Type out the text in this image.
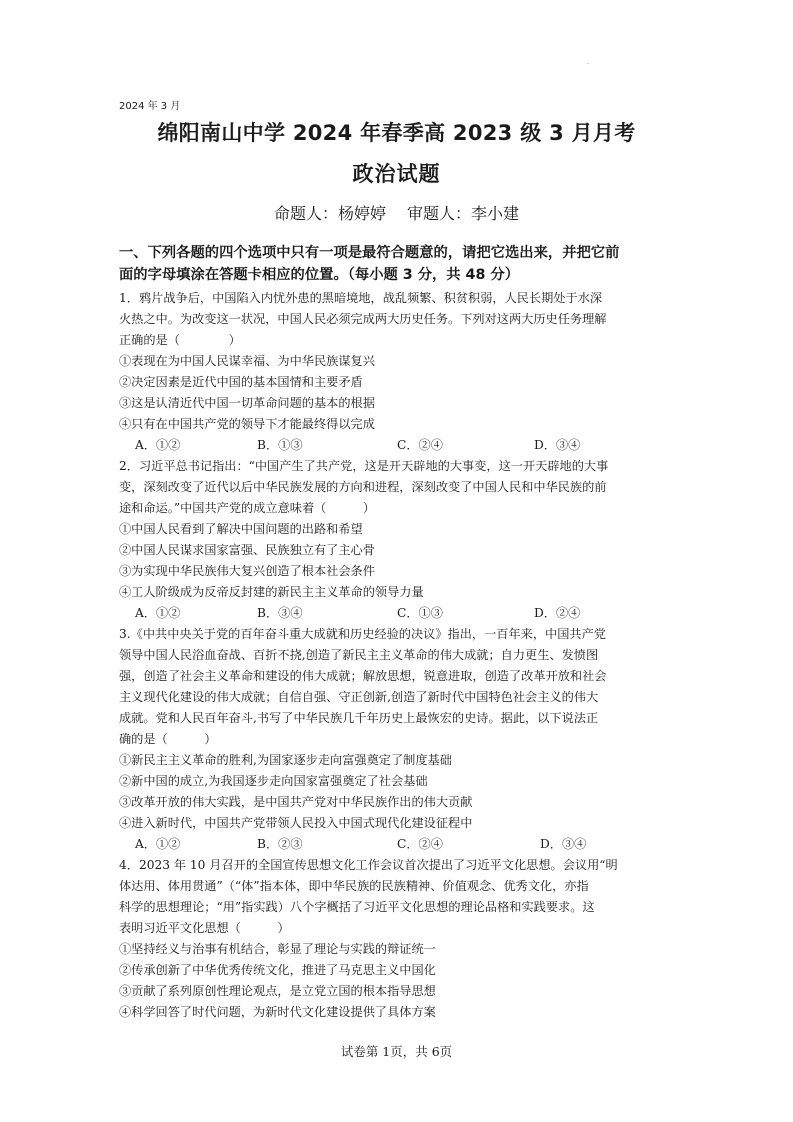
·
2024 年 3 月
绵阳南山中学 2024 年春季高 2023 级 3 月月考
政治试题
命题人：杨婷婷　 审题人：李小建
一、下列各题的四个选项中只有一项是最符合题意的，请把它选出来，并把它前
面的字母填涂在答题卡相应的位置。（每小题 3 分，共 48 分）
1．鸦片战争后，中国陷入内忧外患的黑暗境地，战乱频繁、积贫积弱，人民长期处于水深
火热之中。为改变这一状况，中国人民必须完成两大历史任务。下列对这两大历史任务理解
正确的是（　　　　）
①表现在为中国人民谋幸福、为中华民族谋复兴
②决定因素是近代中国的基本国情和主要矛盾
③这是认清近代中国一切革命问题的基本的根据
④只有在中国共产党的领导下才能最终得以完成
A．①②	B．①③	C．②④	D．③④
2．习近平总书记指出：“中国产生了共产党，这是开天辟地的大事变，这一开天辟地的大事
变，深刻改变了近代以后中华民族发展的方向和进程，深刻改变了中国人民和中华民族的前
途和命运。”中国共产党的成立意味着（　　　）
①中国人民看到了解决中国问题的出路和希望
②中国人民谋求国家富强、民族独立有了主心骨
③为实现中华民族伟大复兴创造了根本社会条件
④工人阶级成为反帝反封建的新民主主义革命的领导力量
A．①②	B．③④	C．①③	D．②④
3.《中共中央关于党的百年奋斗重大成就和历史经验的决议》指出，一百年来，中国共产党
领导中国人民浴血奋战、百折不挠,创造了新民主主义革命的伟大成就；自力更生、发愤图
强，创造了社会主义革命和建设的伟大成就；解放思想，锐意进取，创造了改革开放和社会
主义现代化建设的伟大成就；自信自强、守正创新,创造了新时代中国特色社会主义的伟大
成就。党和人民百年奋斗,书写了中华民族几千年历史上最恢宏的史诗。据此，以下说法正
确的是（　　　）
①新民主主义革命的胜利,为国家逐步走向富强奠定了制度基础
②新中国的成立,为我国逐步走向国家富强奠定了社会基础
③改革开放的伟大实践，是中国共产党对中华民族作出的伟大贡献
④进入新时代，中国共产党带领人民投入中国式现代化建设征程中
A．①②	B．②③	C．②④	D．③④
4．2023 年 10 月召开的全国宣传思想文化工作会议首次提出了习近平文化思想。会议用“明
体达用、体用贯通”（“体”指本体，即中华民族的民族精神、价值观念、优秀文化，亦指
科学的思想理论；“用”指实践）八个字概括了习近平文化思想的理论品格和实践要求。这
表明习近平文化思想（　　　）
①坚持经义与治事有机结合，彰显了理论与实践的辩证统一
②传承创新了中华优秀传统文化，推进了马克思主义中国化
③贡献了系列原创性理论观点，是立党立国的根本指导思想
④科学回答了时代问题，为新时代文化建设提供了具体方案
试卷第 1页，共 6页
